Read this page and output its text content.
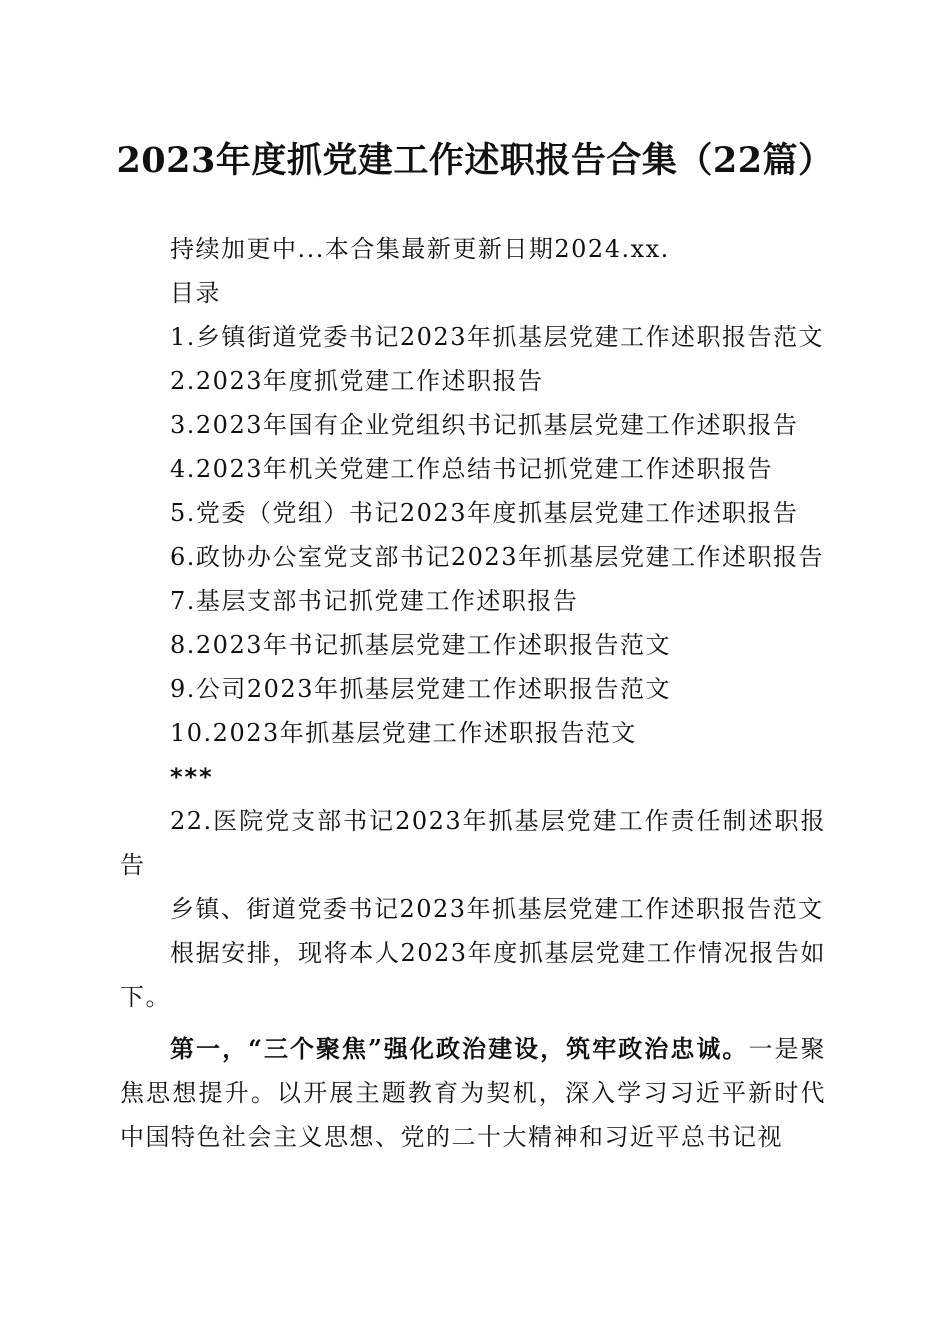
2023年度抓党建工作述职报告合集（22篇）

持续加更中...本合集最新更新日期2024.xx.

目录

1.乡镇街道党委书记2023年抓基层党建工作述职报告范文

2.2023年度抓党建工作述职报告

3.2023年国有企业党组织书记抓基层党建工作述职报告

4.2023年机关党建工作总结书记抓党建工作述职报告

5.党委（党组）书记2023年度抓基层党建工作述职报告

6.政协办公室党支部书记2023年抓基层党建工作述职报告

7.基层支部书记抓党建工作述职报告

8.2023年书记抓基层党建工作述职报告范文

9.公司2023年抓基层党建工作述职报告范文

10.2023年抓基层党建工作述职报告范文

***

22.医院党支部书记2023年抓基层党建工作责任制述职报告

乡镇、街道党委书记2023年抓基层党建工作述职报告范文

根据安排，现将本人2023年度抓基层党建工作情况报告如下。

第一，“三个聚焦”强化政治建设，筑牢政治忠诚。一是聚焦思想提升。以开展主题教育为契机，深入学习习近平新时代中国特色社会主义思想、党的二十大精神和习近平总书记视
